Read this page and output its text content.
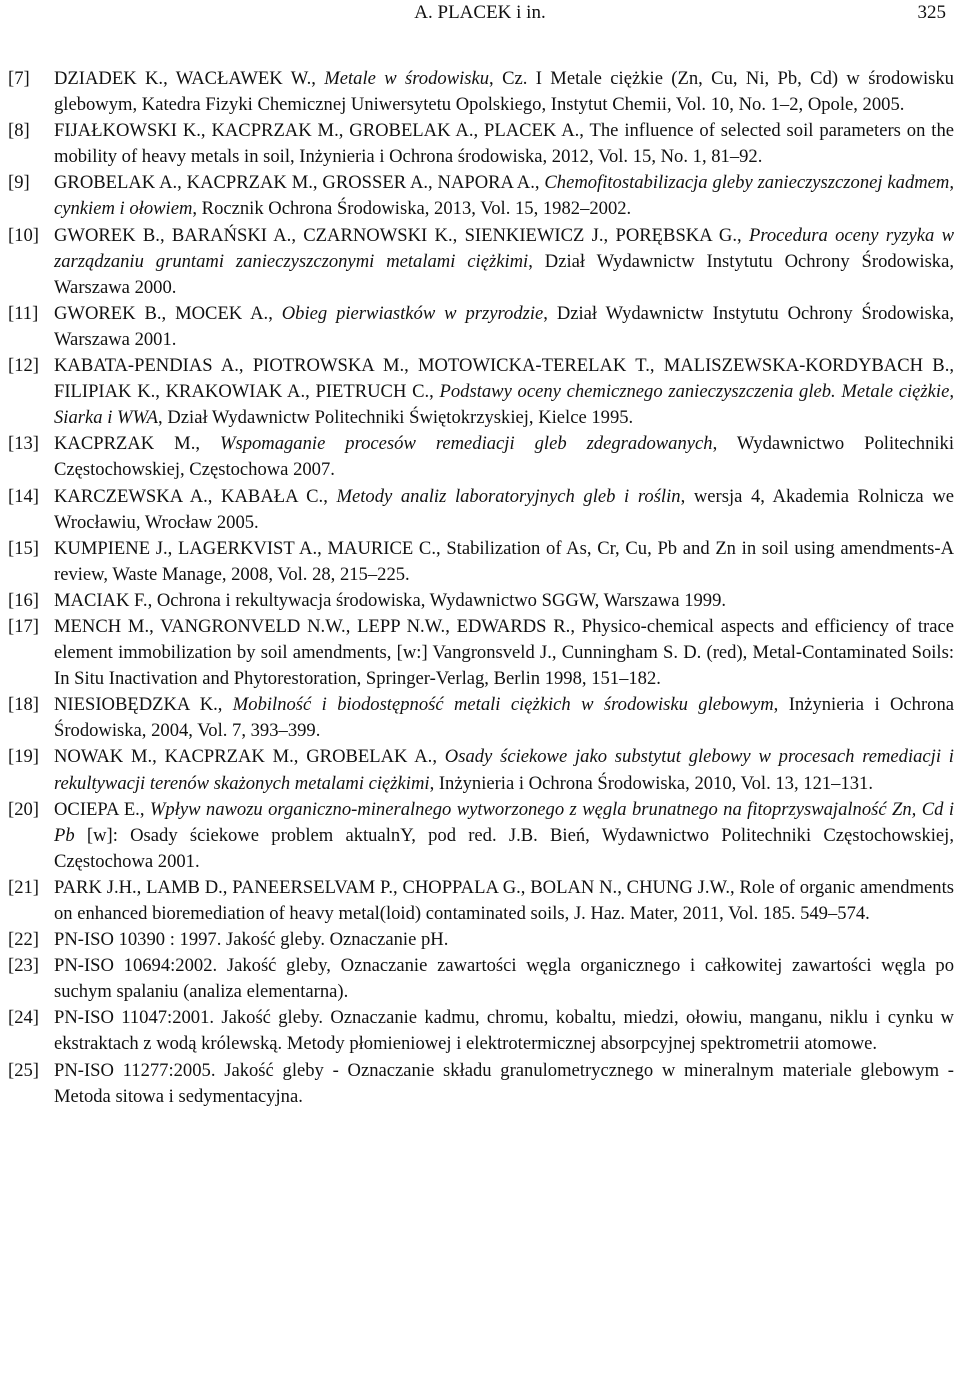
A. PLACEK i in.	325

[7] DZIADEK K., WACŁAWEK W., Metale w środowisku, Cz. I Metale ciężkie (Zn, Cu, Ni, Pb, Cd) w środowisku glebowym, Katedra Fizyki Chemicznej Uniwersytetu Opolskiego, Instytut Chemii, Vol. 10, No. 1‒2, Opole, 2005.

[8] FIJAŁKOWSKI K., KACPRZAK M., GROBELAK A., PLACEK A., The influence of selected soil parameters on the mobility of heavy metals in soil, Inżynieria i Ochrona środowiska, 2012, Vol. 15, No. 1, 81‒92.

[9] GROBELAK A., KACPRZAK M., GROSSER A., NAPORA A., Chemofitostabilizacja gleby zanieczyszczonej kadmem, cynkiem i ołowiem, Rocznik Ochrona Środowiska, 2013, Vol. 15, 1982‒2002.

[10] GWOREK B., BARAŃSKI A., CZARNOWSKI K., SIENKIEWICZ J., PORĘBSKA G., Procedura oceny ryzyka w zarządzaniu gruntami zanieczyszczonymi metalami ciężkimi, Dział Wydawnictw Instytutu Ochrony Środowiska, Warszawa 2000.

[11] GWOREK B., MOCEK A., Obieg pierwiastków w przyrodzie, Dział Wydawnictw Instytutu Ochrony Środowiska, Warszawa 2001.

[12] KABATA-PENDIAS A., PIOTROWSKA M., MOTOWICKA-TERELAK T., MALISZEWSKA-KORDYBACH B., FILIPIAK K., KRAKOWIAK A., PIETRUCH C., Podstawy oceny chemicznego zanieczyszczenia gleb. Metale ciężkie, Siarka i WWA, Dział Wydawnictw Politechniki Świętokrzyskiej, Kielce 1995.

[13] KACPRZAK M., Wspomaganie procesów remediacji gleb zdegradowanych, Wydawnictwo Politechniki Częstochowskiej, Częstochowa 2007.

[14] KARCZEWSKA A., KABAŁA C., Metody analiz laboratoryjnych gleb i roślin, wersja 4, Akademia Rolnicza we Wrocławiu, Wrocław 2005.

[15] KUMPIENE J., LAGERKVIST A., MAURICE C., Stabilization of As, Cr, Cu, Pb and Zn in soil using amendments-A review, Waste Manage, 2008, Vol. 28, 215‒225.

[16] MACIAK F., Ochrona i rekultywacja środowiska, Wydawnictwo SGGW, Warszawa 1999.

[17] MENCH M., VANGRONVELD N.W., LEPP N.W., EDWARDS R., Physico-chemical aspects and efficiency of trace element immobilization by soil amendments, [w:] Vangronsveld J., Cunningham S. D. (red), Metal-Contaminated Soils: In Situ Inactivation and Phytorestoration, Springer-Verlag, Berlin 1998, 151‒182.

[18] NIESIOBĘDZKA K., Mobilność i biodostępność metali ciężkich w środowisku glebowym, Inżynieria i Ochrona Środowiska, 2004, Vol. 7, 393‒399.

[19] NOWAK M., KACPRZAK M., GROBELAK A., Osady ściekowe jako substytut glebowy w procesach remediacji i rekultywacji terenów skażonych metalami ciężkimi, Inżynieria i Ochrona Środowiska, 2010, Vol. 13, 121‒131.

[20] OCIEPA E., Wpływ nawozu organiczno-mineralnego wytworzonego z węgla brunatnego na fitoprzyswajalność Zn, Cd i Pb [w]: Osady ściekowe problem aktualnY, pod red. J.B. Bień, Wydawnictwo Politechniki Częstochowskiej, Częstochowa 2001.

[21] PARK J.H., LAMB D., PANEERSELVAM P., CHOPPALA G., BOLAN N., CHUNG J.W., Role of organic amendments on enhanced bioremediation of heavy metal(loid) contaminated soils, J. Haz. Mater, 2011, Vol. 185. 549‒574.

[22] PN-ISO 10390 : 1997. Jakość gleby. Oznaczanie pH.

[23] PN-ISO 10694:2002. Jakość gleby, Oznaczanie zawartości węgla organicznego i całkowitej zawartości węgla po suchym spalaniu (analiza elementarna).

[24] PN-ISO 11047:2001. Jakość gleby. Oznaczanie kadmu, chromu, kobaltu, miedzi, ołowiu, manganu, niklu i cynku w ekstraktach z wodą królewską. Metody płomieniowej i elektrotermicznej absorpcyjnej spektrometrii atomowe.

[25] PN-ISO 11277:2005. Jakość gleby - Oznaczanie składu granulometrycznego w mineralnym materiale glebowym - Metoda sitowa i sedymentacyjna.
